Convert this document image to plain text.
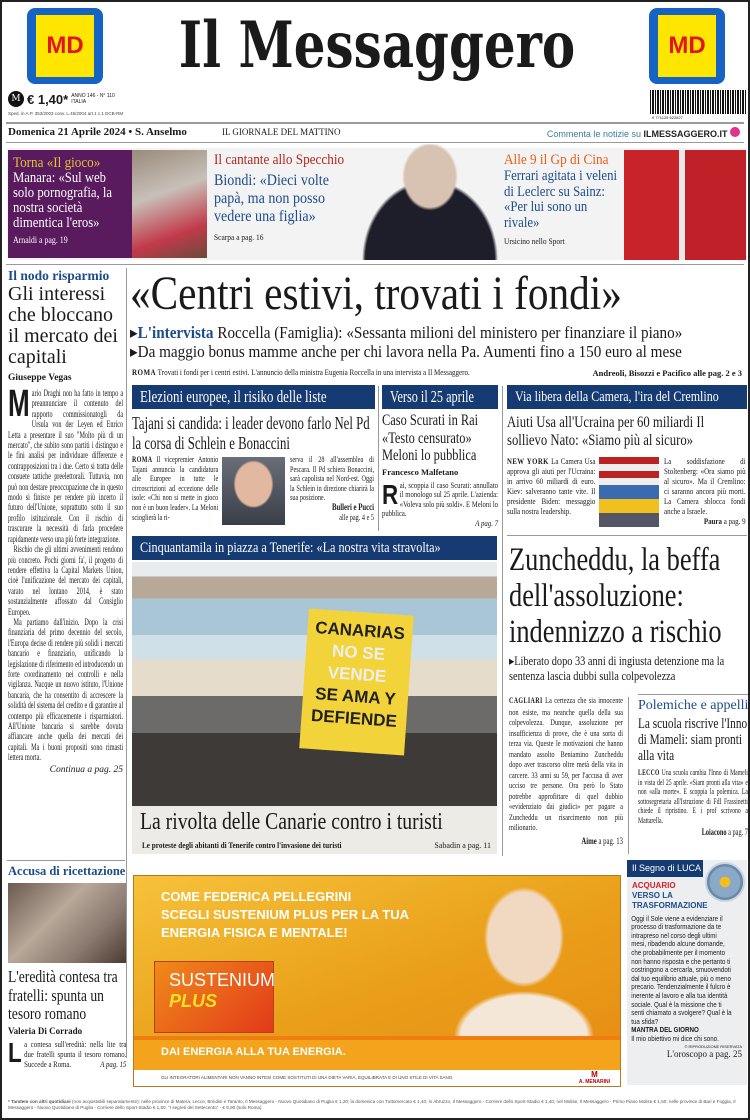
MD	MD
Il Messaggero
M € 1,40* ANNO 146 - N° 110
ITALIA
Sped. in A.P. 353/2003 conv. L.46/2004 art.1 c.1 DCB-RM
9 771129 622527
Domenica 21 Aprile 2024 • S. Anselmo	IL GIORNALE DEL MATTINO	Commenta le notizie su ILMESSAGGERO.IT
Torna «Il gioco»
Manara: «Sul web solo pornografia, la nostra società dimentica l'eros»
Arnaldi a pag. 19
Il cantante allo Specchio
Biondi: «Dieci volte papà, ma non posso vedere una figlia»
Scarpa a pag. 16
Alle 9 il Gp di Cina
Ferrari agitata i veleni di Leclerc su Sainz: «Per lui sono un rivale»
Ursicino nello Sport
Il nodo risparmio
Gli interessi che bloccano il mercato dei capitali
Giuseppe Vegas
Mario Draghi non ha fatto in tempo a preannunciare il contenuto del rapporto commissionatogli da Ursula von der Leyen ed Enrico Letta a presentare il suo "Molto più di un mercato", che subito sono partiti i distinguo e le fini analisi per individuare differenze e contrapposizioni tra i due. Certo si tratta delle consuete tattiche preelettorali. Tuttavia, non può non destare preoccupazione che in questo modo si finisce per rendere più incerto il futuro dell'Unione, soprattutto sotto il suo profilo istituzionale. Con il rischio di trascurare la necessità di farla procedere rapidamente verso una più forte integrazione.

Rischio che gli ultimi avvenimenti rendono più concreto. Pochi giorni fa', il progetto di rendere effettiva la Capital Markets Union, cioè l'unificazione del mercato dei capitali, varato nel lontano 2014, è stato sostanzialmente affossato dal Consiglio Europeo.

Ma partiamo dall'inizio. Dopo la crisi finanziaria del primo decennio del secolo, l'Europa decise di rendere più solidi i mercati bancario e finanziario, unificando la legislazione di riferimento ed introducendo un forte coordinamento nei controlli e nella vigilanza. Nacque un nuovo istituto, l'Unione bancaria, che ha consentito di accrescere la solidità del sistema del credito e di garantire al contempo più efficacemente i risparmiatori. All'Unione bancaria si sarebbe dovuta affiancare anche quella dei mercati dei capitali. Ma i buoni propositi sono rimasti lettera morta.

Continua a pag. 25
«Centri estivi, trovati i fondi»
▸L'intervista Roccella (Famiglia): «Sessanta milioni del ministero per finanziare il piano»
▸Da maggio bonus mamme anche per chi lavora nella Pa. Aumenti fino a 150 euro al mese
ROMA Trovati i fondi per i centri estivi. L'annuncio della ministra Eugenia Roccella in una intervista a Il Messaggero.	Andreoli, Bisozzi e Pacifico alle pag. 2 e 3
Elezioni europee, il risiko delle liste
Tajani si candida: i leader devono farlo Nel Pd la corsa di Schlein e Bonaccini
ROMA Il vicepremier Antonio Tajani annuncia la candidatura alle Europee in tutte le circoscrizioni ad eccezione delle isole: «Chi non si mette in gioco non è un buon leader». La Meloni scioglierà la ri-
serva il 28 all'assemblea di Pescara. Il Pd schiera Bonaccini, sarà capolista nel Nord-est. Oggi la Schlein in direzione chiarirà la sua posizione.
Bulleri e Pucci
alle pag. 4 e 5
Verso il 25 aprile
Caso Scurati in Rai «Testo censurato» Meloni lo pubblica
Francesco Malfetano
Rai, scoppia il caso Scurati: annullato il monologo sul 25 aprile. L'azienda: «Voleva solo più soldi». E Meloni lo pubblica.
A pag. 7
Via libera della Camera, l'ira del Cremlino
Aiuti Usa all'Ucraina per 60 miliardi Il sollievo Nato: «Siamo più al sicuro»
NEW YORK La Camera Usa approva gli aiuti per l'Ucraina: in arrivo 60 miliardi di euro. Kiev: salveranno tante vite. Il presidente Biden: messaggio sulla nostra leadership.
La soddisfazione di Stoltenberg: «Ora siamo più al sicuro». Ma il Cremlino: ci saranno ancora più morti. La Camera sblocca fondi anche a Israele.
Paura a pag. 9
Cinquantamila in piazza a Tenerife: «La nostra vita stravolta»
CANARIAS
NO SE
VENDE
SE AMA Y
DEFIENDE
La rivolta delle Canarie contro i turisti
Le proteste degli abitanti di Tenerife contro l'invasione dei turisti	Sabadin a pag. 11
Zuncheddu, la beffa dell'assoluzione: indennizzo a rischio
▸Liberato dopo 33 anni di ingiusta detenzione ma la sentenza lascia dubbi sulla colpevolezza
CAGLIARI La certezza che sia innocente non esiste, ma neanche quella della sua colpevolezza. Dunque, assoluzione per insufficienza di prove, che è una sorta di terza via. Queste le motivazioni che hanno mandato assolto Beniamino Zuncheddu dopo aver trascorso oltre metà della vita in carcere. 33 anni su 59, per l'accusa di aver ucciso tre persone. Ora però lo Stato potrebbe approfittare di quel dubbio «evidenziato dai giudici» per pagare a Zuncheddu un risarcimento non più milionario.
Aime a pag. 13
Polemiche e appelli
La scuola riscrive l'Inno di Mameli: siam pronti alla vita
LECCO Una scuola cambia l'Inno di Mameli in vista del 25 aprile. «Siam pronti alla vita» e non «alla morte». E scoppia la polemica. La sottosegretaria all'Istruzione di FdI Frassinetti chiede il ripristino. E i prof scrivono a Mattarella.
Loiacono a pag. 7
Accusa di ricettazione
L'eredità contesa tra fratelli: spunta un tesoro romano
Valeria Di Corrado
La contesa sull'eredità: nella lite tra due fratelli spunta il tesoro romano. Succede a Roma.	A pag. 15
COME FEDERICA PELLEGRINI
SCEGLI SUSTENIUM PLUS PER LA TUA
ENERGIA FISICA E MENTALE!
SUSTENIUM
PLUS
DAI ENERGIA ALLA TUA ENERGIA.
GLI INTEGRATORI ALIMENTARI NON VANNO INTESI COME SOSTITUTI DI UNA DIETA VARIA, EQUILIBRATA E DI UNO STILE DI VITA SANO.	M
A. MENARINI
Il Segno di LUCA
ACQUARIO VERSO LA TRASFORMAZIONE
Oggi il Sole viene a evidenziare il processo di trasformazione da te intrapreso nel corso degli ultimi mesi, ribadendo alcune domande, che probabilmente per il momento non hanno risposta e che pertanto ti costringono a cercarla, smuovendoti dal tuo equilibrio attuale, più o meno precario. Tendenzialmente il fulcro è inerente al lavoro e alla tua identità sociale. Qual è la missione che ti senti chiamato a svolgere? Qual è la tua sfida?
MANTRA DEL GIORNO
Il mio obiettivo mi dice chi sono.
© RIPRODUZIONE RISERVATA
L'oroscopo a pag. 25
* Tandem con altri quotidiani (non acquistabili separatamente): nelle province di Matera, Lecce, Brindisi e Taranto, Il Messaggero - Nuovo Quotidiano di Puglia € 1,20; la domenica con Tuttomercato € 1,40; in Abruzzo, Il Messaggero - Corriere dello Sport-Stadio € 1,40; nel Molise, Il Messaggero - Primo Piano Molise € 1,50; nelle province di Bari e Foggia, Il Messaggero - Nuovo Quotidiano di Puglia - Corriere dello Sport-Stadio € 1,50. "I segreti del Settecento" - € 6,90 (solo Roma)
